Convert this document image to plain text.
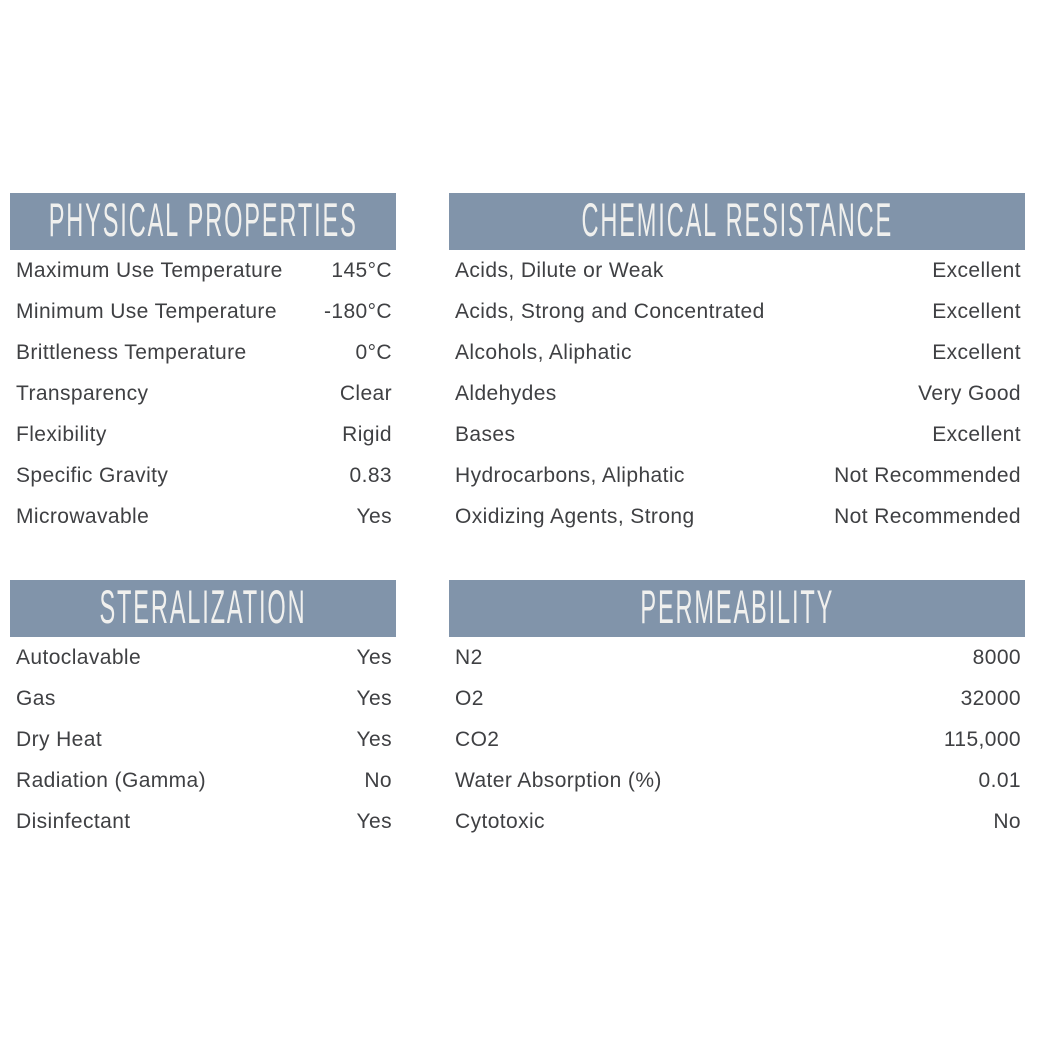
PHYSICAL PROPERTIES
Maximum Use Temperature 145°C
Minimum Use Temperature -180°C
Brittleness Temperature	0°C
Transparency	Clear
Flexibility	Rigid
Specific Gravity	0.83
Microwavable	Yes
CHEMICAL RESISTANCE
Acids, Dilute or Weak	Excellent
Acids, Strong and Concentrated	Excellent
Alcohols, Aliphatic	Excellent
Aldehydes	Very Good
Bases	Excellent
Hydrocarbons, Aliphatic	Not Recommended
Oxidizing Agents, Strong	Not Recommended
STERALIZATION
Autoclavable	Yes
Gas	Yes
Dry Heat	Yes
Radiation (Gamma)	No
Disinfectant	Yes
PERMEABILITY
N2	8000
O2	32000
CO2	115,000
Water Absorption (%)	0.01
Cytotoxic	No
